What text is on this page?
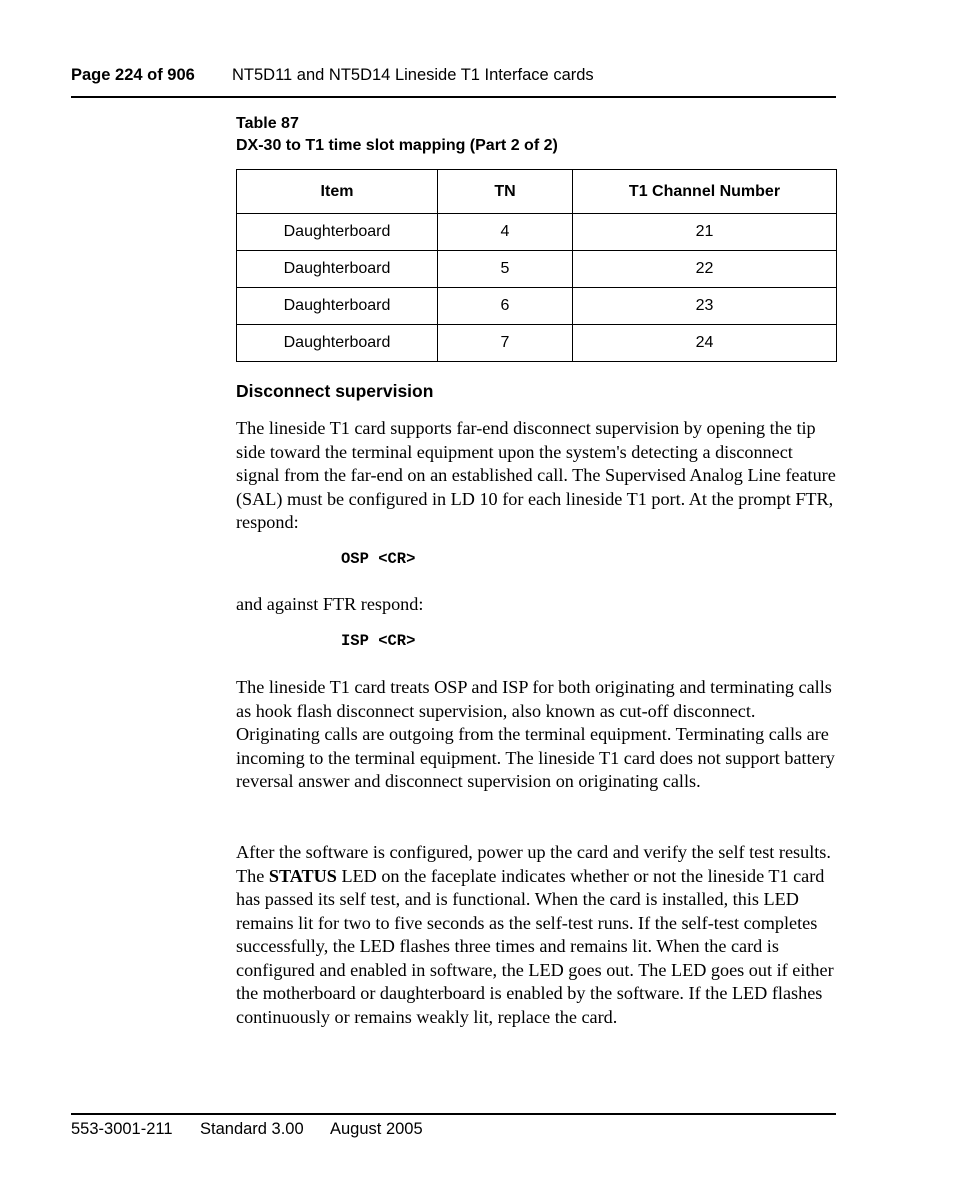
Page 224 of 906 NT5D11 and NT5D14 Lineside T1 Interface cards
Table 87
DX-30 to T1 time slot mapping (Part 2 of 2)
Item	TN	T1 Channel Number
Daughterboard	4	21
Daughterboard	5	22
Daughterboard	6	23
Daughterboard	7	24
Disconnect supervision

The lineside T1 card supports far-end disconnect supervision by opening the tip side toward the terminal equipment upon the system's detecting a disconnect signal from the far-end on an established call. The Supervised Analog Line feature (SAL) must be configured in LD 10 for each lineside T1 port. At the prompt FTR, respond:

OSP <CR>

and against FTR respond:

ISP <CR>

The lineside T1 card treats OSP and ISP for both originating and terminating calls as hook flash disconnect supervision, also known as cut-off disconnect. Originating calls are outgoing from the terminal equipment. Terminating calls are incoming to the terminal equipment. The lineside T1 card does not support battery reversal answer and disconnect supervision on originating calls.

After the software is configured, power up the card and verify the self test results. The STATUS LED on the faceplate indicates whether or not the lineside T1 card has passed its self test, and is functional. When the card is installed, this LED remains lit for two to five seconds as the self-test runs. If the self-test completes successfully, the LED flashes three times and remains lit. When the card is configured and enabled in software, the LED goes out. The LED goes out if either the motherboard or daughterboard is enabled by the software. If the LED flashes continuously or remains weakly lit, replace the card.

553-3001-211 Standard 3.00 August 2005
